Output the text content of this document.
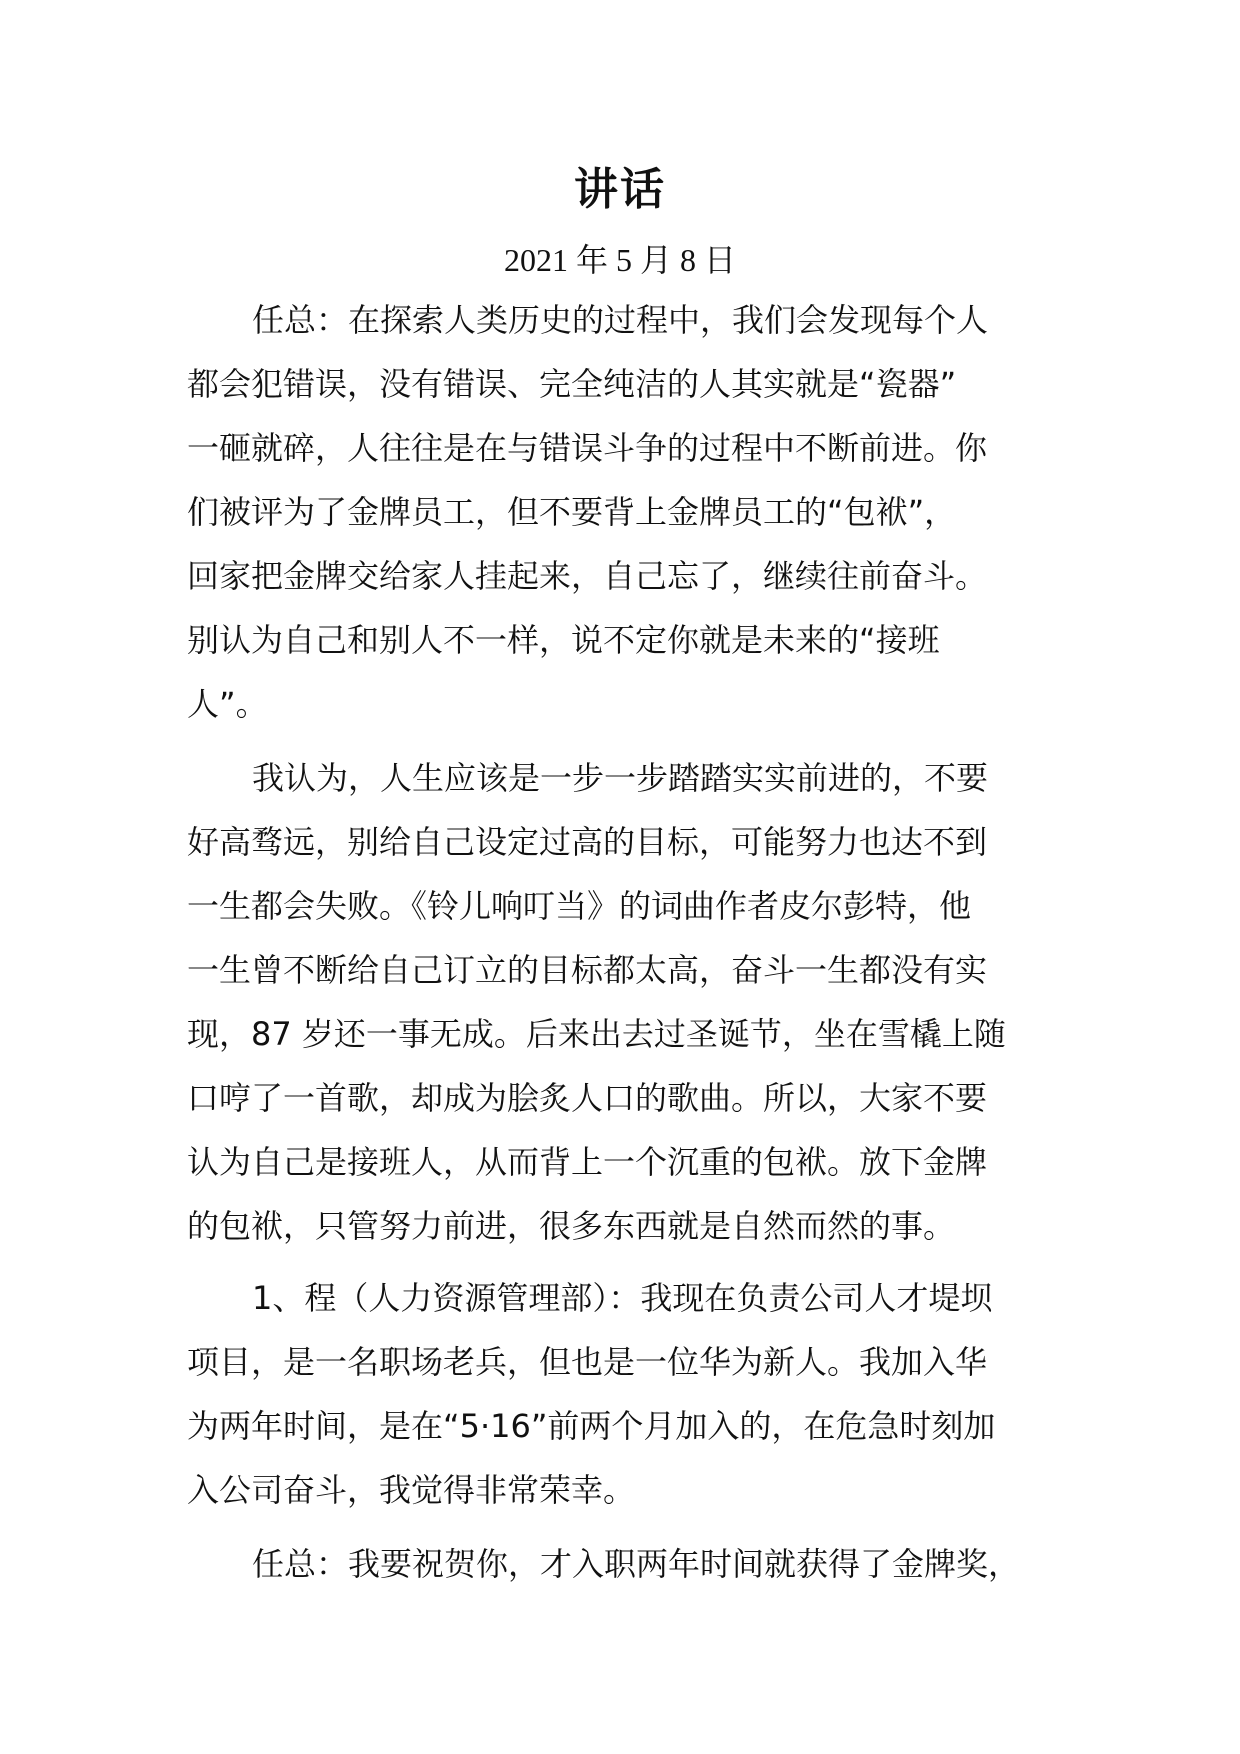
讲话
2021 年 5 月 8 日
任总：在探索人类历史的过程中，我们会发现每个人
都会犯错误，没有错误、完全纯洁的人其实就是“瓷器”
一砸就碎，人往往是在与错误斗争的过程中不断前进。你
们被评为了金牌员工，但不要背上金牌员工的“包袱”，
回家把金牌交给家人挂起来，自己忘了，继续往前奋斗。
别认为自己和别人不一样，说不定你就是未来的“接班
人”。
我认为，人生应该是一步一步踏踏实实前进的，不要
好高骛远，别给自己设定过高的目标，可能努力也达不到
一生都会失败。《铃儿响叮当》的词曲作者皮尔彭特，他
一生曾不断给自己订立的目标都太高，奋斗一生都没有实
现，87 岁还一事无成。后来出去过圣诞节，坐在雪橇上随
口哼了一首歌，却成为脍炙人口的歌曲。所以，大家不要
认为自己是接班人，从而背上一个沉重的包袱。放下金牌
的包袱，只管努力前进，很多东西就是自然而然的事。
1、程（人力资源管理部）：我现在负责公司人才堤坝
项目，是一名职场老兵，但也是一位华为新人。我加入华
为两年时间，是在“5·16”前两个月加入的，在危急时刻加
入公司奋斗，我觉得非常荣幸。
任总：我要祝贺你，才入职两年时间就获得了金牌奖，
